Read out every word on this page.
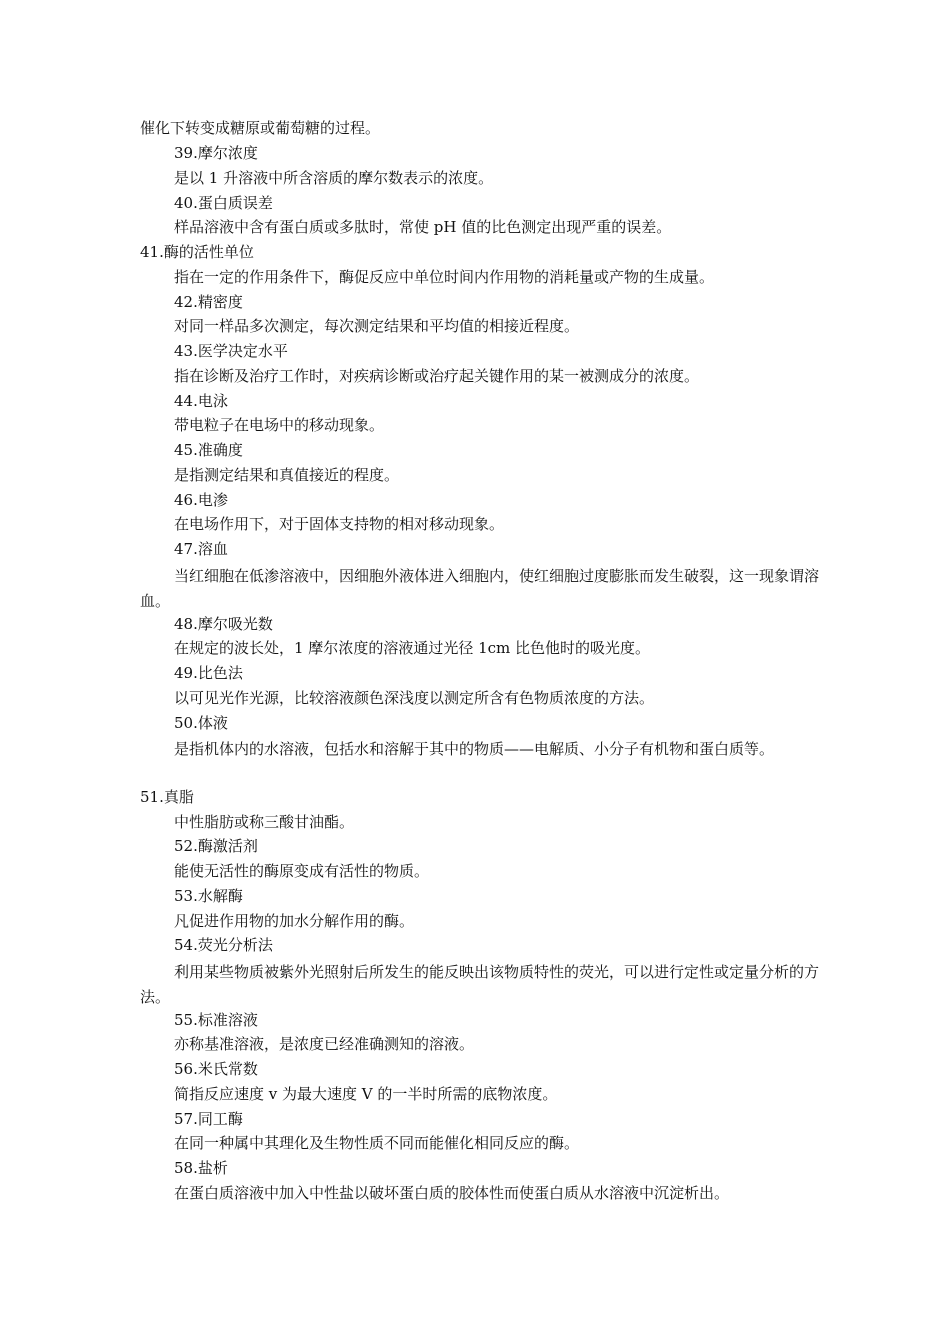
催化下转变成糖原或葡萄糖的过程。
39.摩尔浓度
是以 1 升溶液中所含溶质的摩尔数表示的浓度。
40.蛋白质误差
样品溶液中含有蛋白质或多肽时，常使 pH 值的比色测定出现严重的误差。
41.酶的活性单位
指在一定的作用条件下，酶促反应中单位时间内作用物的消耗量或产物的生成量。
42.精密度
对同一样品多次测定，每次测定结果和平均值的相接近程度。
43.医学决定水平
指在诊断及治疗工作时，对疾病诊断或治疗起关键作用的某一被测成分的浓度。
44.电泳
带电粒子在电场中的移动现象。
45.准确度
是指测定结果和真值接近的程度。
46.电渗
在电场作用下，对于固体支持物的相对移动现象。
47.溶血
当红细胞在低渗溶液中，因细胞外液体进入细胞内，使红细胞过度膨胀而发生破裂，这一现象谓溶血。
48.摩尔吸光数
在规定的波长处，1 摩尔浓度的溶液通过光径 1cm 比色他时的吸光度。
49.比色法
以可见光作光源，比较溶液颜色深浅度以测定所含有色物质浓度的方法。
50.体液
是指机体内的水溶液，包括水和溶解于其中的物质——电解质、小分子有机物和蛋白质等。
51.真脂
中性脂肪或称三酸甘油酯。
52.酶激活剂
能使无活性的酶原变成有活性的物质。
53.水解酶
凡促进作用物的加水分解作用的酶。
54.荧光分析法
利用某些物质被紫外光照射后所发生的能反映出该物质特性的荧光，可以进行定性或定量分析的方法。
55.标准溶液
亦称基准溶液，是浓度已经准确测知的溶液。
56.米氏常数
简指反应速度 v 为最大速度 V 的一半时所需的底物浓度。
57.同工酶
在同一种属中其理化及生物性质不同而能催化相同反应的酶。
58.盐析
在蛋白质溶液中加入中性盐以破坏蛋白质的胶体性而使蛋白质从水溶液中沉淀析出。
